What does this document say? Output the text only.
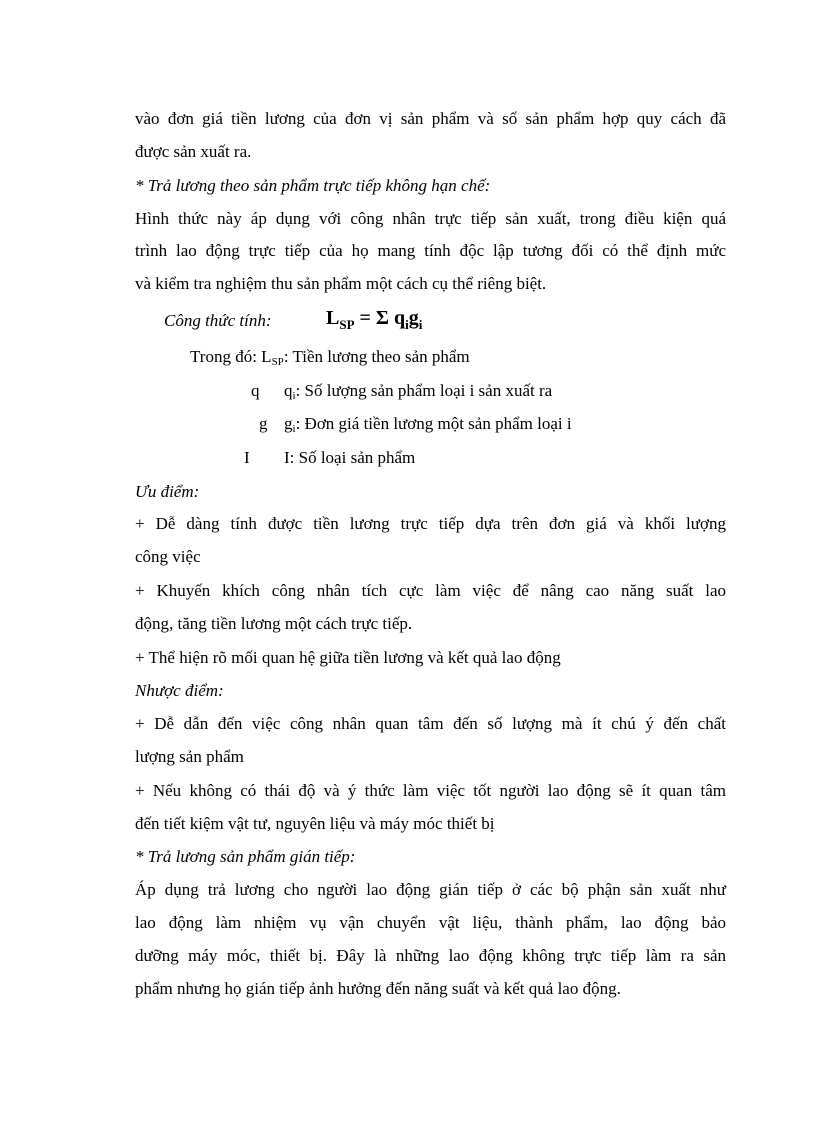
vào đơn giá tiền lương của đơn vị sản phẩm và số sản phẩm hợp quy cách đã
được sản xuất ra.
* Trả lương theo sản phẩm trực tiếp không hạn chế:
Hình thức này áp dụng với công nhân trực tiếp sản xuất, trong điều kiện quá
trình lao động trực tiếp của họ mang tính độc lập tương đối có thể định mức
và kiểm tra nghiệm thu sản phẩm một cách cụ thể riêng biệt.
Công thức tính:	$L_{SP} = \Sigma$ $q_ig_i$
Trong đó: $L_{SP}$: Tiền lương theo sản phẩm
q $q_i$: Số lượng sản phẩm loại i sản xuất ra
g $g_i$: Đơn giá tiền lương một sản phẩm loại i
I I: Số loại sản phẩm
Ưu điểm:
+ Dễ dàng tính được tiền lương trực tiếp dựa trên đơn giá và khối lượng
công việc
+ Khuyến khích công nhân tích cực làm việc để nâng cao năng suất lao
động, tăng tiền lương một cách trực tiếp.
+ Thể hiện rõ mối quan hệ giữa tiền lương và kết quả lao động
Nhược điểm:
+ Dễ dẫn đến việc công nhân quan tâm đến số lượng mà ít chú ý đến chất
lượng sản phẩm
+ Nếu không có thái độ và ý thức làm việc tốt người lao động sẽ ít quan tâm
đến tiết kiệm vật tư, nguyên liệu và máy móc thiết bị
* Trả lương sản phẩm gián tiếp:
Áp dụng trả lương cho người lao động gián tiếp ở các bộ phận sản xuất như
lao động làm nhiệm vụ vận chuyển vật liệu, thành phẩm, lao động bảo
dưỡng máy móc, thiết bị. Đây là những lao động không trực tiếp làm ra sản
phẩm nhưng họ gián tiếp ảnh hưởng đến năng suất và kết quả lao động.
